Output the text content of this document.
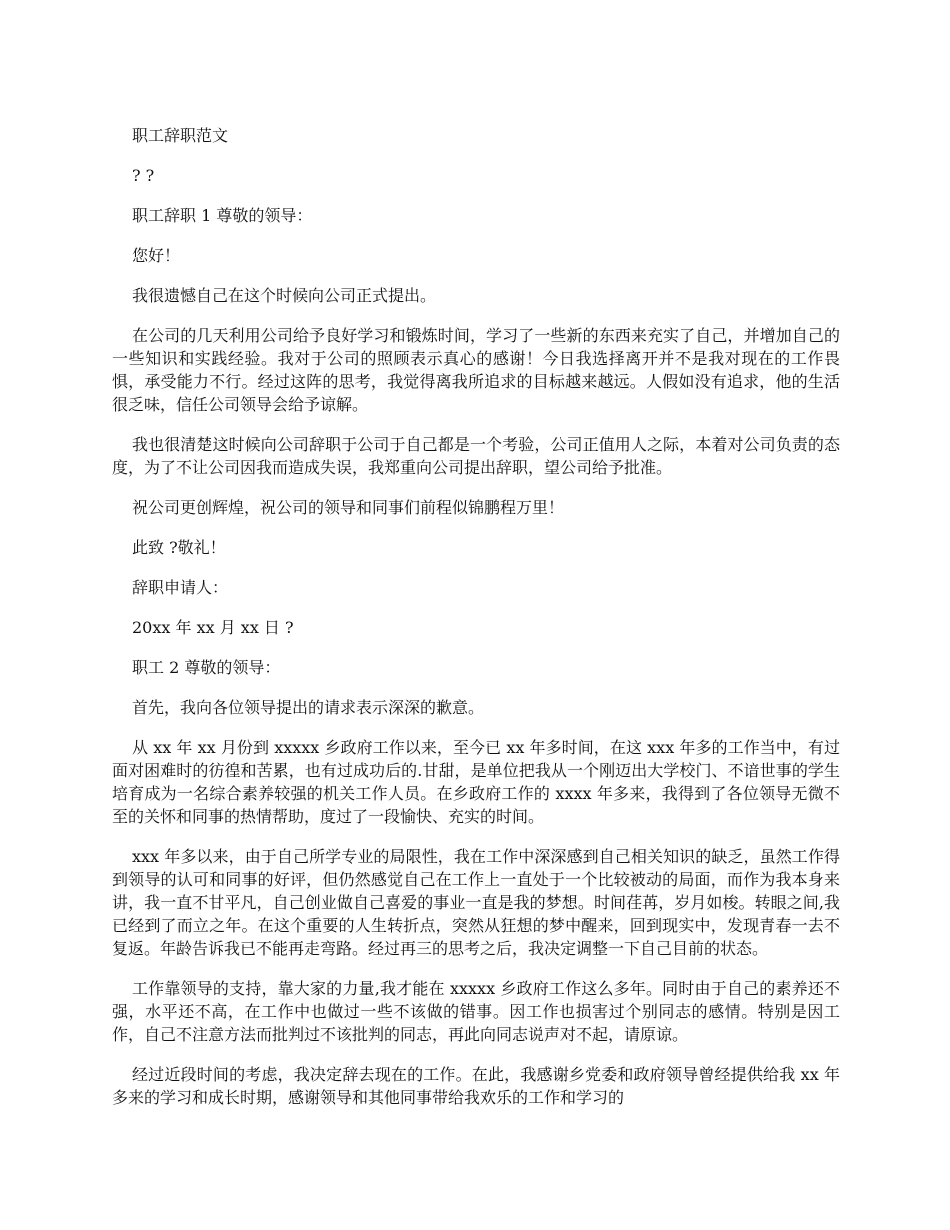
职工辞职范文

? ?

职工辞职 1 尊敬的领导：

您好！

我很遗憾自己在这个时候向公司正式提出。

在公司的几天利用公司给予良好学习和锻炼时间，学习了一些新的东西来充实了自己，并增加自己的一些知识和实践经验。我对于公司的照顾表示真心的感谢！今日我选择离开并不是我对现在的工作畏惧，承受能力不行。经过这阵的思考，我觉得离我所追求的目标越来越远。人假如没有追求，他的生活很乏味，信任公司领导会给予谅解。

我也很清楚这时候向公司辞职于公司于自己都是一个考验，公司正值用人之际，本着对公司负责的态度，为了不让公司因我而造成失误，我郑重向公司提出辞职，望公司给予批准。

祝公司更创辉煌，祝公司的领导和同事们前程似锦鹏程万里！

此致 ?敬礼！

辞职申请人：

20xx 年 xx 月 xx 日 ?

职工 2 尊敬的领导：

首先，我向各位领导提出的请求表示深深的歉意。

从 xx 年 xx 月份到 xxxxx 乡政府工作以来，至今已 xx 年多时间，在这 xxx 年多的工作当中，有过面对困难时的彷徨和苦累，也有过成功后的.甘甜，是单位把我从一个刚迈出大学校门、不谙世事的学生培育成为一名综合素养较强的机关工作人员。在乡政府工作的 xxxx 年多来，我得到了各位领导无微不至的关怀和同事的热情帮助，度过了一段愉快、充实的时间。

xxx 年多以来，由于自己所学专业的局限性，我在工作中深深感到自己相关知识的缺乏，虽然工作得到领导的认可和同事的好评，但仍然感觉自己在工作上一直处于一个比较被动的局面，而作为我本身来讲，我一直不甘平凡，自己创业做自己喜爱的事业一直是我的梦想。时间荏苒，岁月如梭。转眼之间,我已经到了而立之年。在这个重要的人生转折点，突然从狂想的梦中醒来，回到现实中，发现青春一去不复返。年龄告诉我已不能再走弯路。经过再三的思考之后，我决定调整一下自己目前的状态。

工作靠领导的支持，靠大家的力量,我才能在 xxxxx 乡政府工作这么多年。同时由于自己的素养还不强，水平还不高，在工作中也做过一些不该做的错事。因工作也损害过个别同志的感情。特别是因工作，自己不注意方法而批判过不该批判的同志，再此向同志说声对不起，请原谅。

经过近段时间的考虑，我决定辞去现在的工作。在此，我感谢乡党委和政府领导曾经提供给我 xx 年多来的学习和成长时期，感谢领导和其他同事带给我欢乐的工作和学习的
